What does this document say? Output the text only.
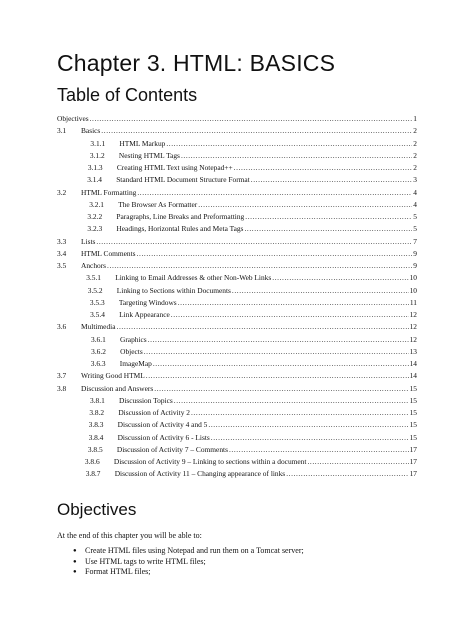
Chapter 3. HTML: BASICS
Table of Contents
Objectives .....	1
3.1	Basics .....	2
3.1.1	HTML Markup .....	2
3.1.2	Nesting HTML Tags .....	2
3.1.3	Creating HTML Text using Notepad++ .....	2
3.1.4	Standard HTML Document Structure Format .....	3
3.2	HTML Formatting .....	4
3.2.1	The Browser As Formatter .....	4
3.2.2	Paragraphs, Line Breaks and Preformatting .....	5
3.2.3	Headings, Horizontal Rules and Meta Tags .....	5
3.3	Lists .....	7
3.4	HTML Comments .....	9
3.5	Anchors .....	9
3.5.1	Linking to Email Addresses & other Non-Web Links .....	10
3.5.2	Linking to Sections within Documents .....	10
3.5.3	Targeting Windows .....	11
3.5.4	Link Appearance .....	12
3.6	Multimedia .....	12
3.6.1	Graphics .....	12
3.6.2	Objects .....	13
3.6.3	ImageMap .....	14
3.7	Writing Good HTML .....	14
3.8	Discussion and Answers .....	15
3.8.1	Discussion Topics .....	15
3.8.2	Discussion of Activity 2 .....	15
3.8.3	Discussion of Activity 4 and 5 .....	15
3.8.4	Discussion of Activity 6 - Lists .....	15
3.8.5	Discussion of Activity 7 – Comments .....	17
3.8.6	Discussion of Activity 9 – Linking to sections within a document .....	17
3.8.7	Discussion of Activity 11 – Changing appearance of links .....	17
Objectives

At the end of this chapter you will be able to:

●	Create HTML files using Notepad and run them on a Tomcat server;
●	Use HTML tags to write HTML files;
●	Format HTML files;
